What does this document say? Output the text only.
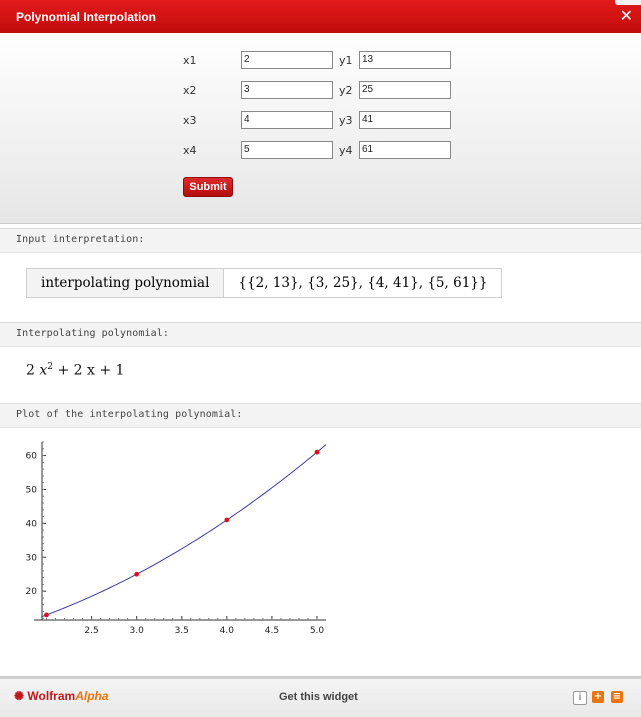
Polynomial Interpolation	✕
x1	2	y1 13
x2	3	y2 25
x3	4	y3 41
x4	5	y4 61
Submit
Input interpretation:
interpolating polynomial	{{2, 13}, {3, 25}, {4, 41}, {5, 61}}
Interpolating polynomial:
2 $x^2 + 2$ x + 1
Plot of the interpolating polynomial:
2.5	3.0	3.5	4.0	4.5	5.0
20
30
40
50
60
✺ WolframAlpha	Get this widget	i	+ ≡
